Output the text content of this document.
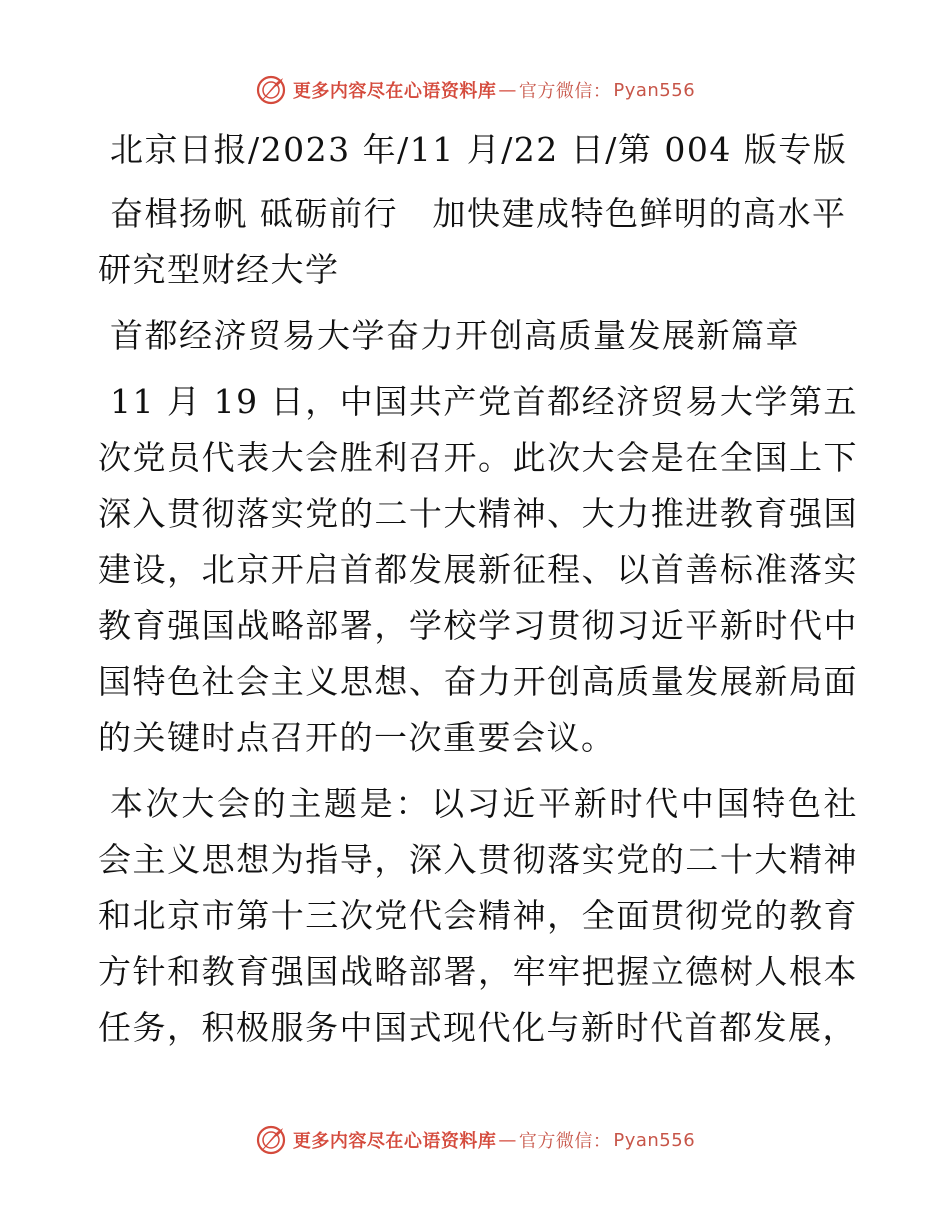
更多内容尽在心语资料库 — 官方微信： Pyan556

北京日报/2023 年/11 月/22 日/第 004 版专版

奋楫扬帆 砥砺前行　加快建成特色鲜明的高水平研究型财经大学

首都经济贸易大学奋力开创高质量发展新篇章

11 月 19 日，中国共产党首都经济贸易大学第五次党员代表大会胜利召开。此次大会是在全国上下深入贯彻落实党的二十大精神、大力推进教育强国建设，北京开启首都发展新征程、以首善标准落实教育强国战略部署，学校学习贯彻习近平新时代中国特色社会主义思想、奋力开创高质量发展新局面的关键时点召开的一次重要会议。

本次大会的主题是：以习近平新时代中国特色社会主义思想为指导，深入贯彻落实党的二十大精神和北京市第十三次党代会精神，全面贯彻党的教育方针和教育强国战略部署，牢牢把握立德树人根本任务，积极服务中国式现代化与新时代首都发展，

更多内容尽在心语资料库 — 官方微信： Pyan556
